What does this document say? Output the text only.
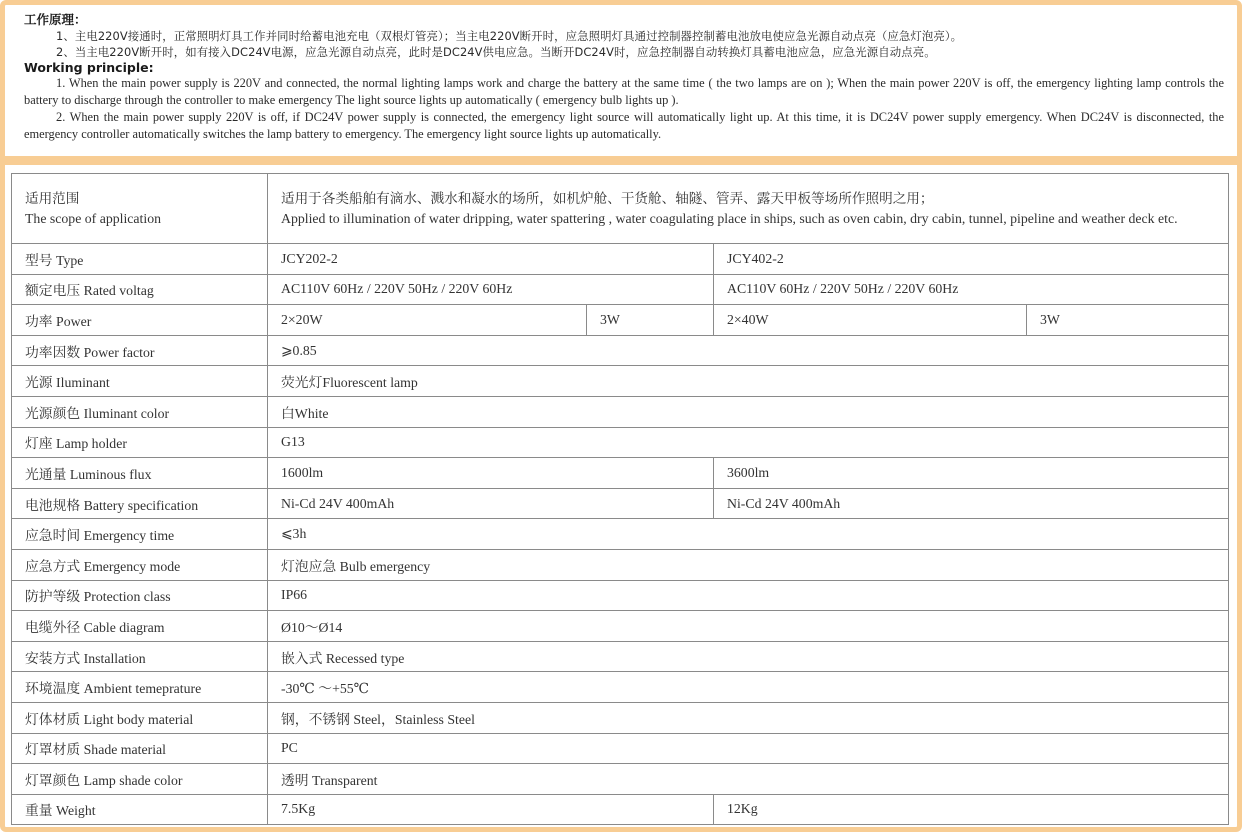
工作原理：
1、主电220V接通时，正常照明灯具工作并同时给蓄电池充电（双根灯管亮）；当主电220V断开时，应急照明灯具通过控制器控制蓄电池放电使应急光源自动点亮（应急灯泡亮）。
2、当主电220V断开时，如有接入DC24V电源，应急光源自动点亮，此时是DC24V供电应急。当断开DC24V时，应急控制器自动转换灯具蓄电池应急，应急光源自动点亮。
Working principle:

1. When the main power supply is 220V and connected, the normal lighting lamps work and charge the battery at the same time ( the two lamps are on ); When the main power 220V is off, the emergency lighting lamp controls the battery to discharge through the controller to make emergency The light source lights up automatically ( emergency bulb lights up ).

2. When the main power supply 220V is off, if DC24V power supply is connected, the emergency light source will automatically light up. At this time, it is DC24V power supply emergency. When DC24V is disconnected, the emergency controller automatically switches the lamp battery to emergency. The emergency light source lights up automatically.

适用范围
The scope of application	适用于各类船舶有滴水、溅水和凝水的场所，如机炉舱、干货舱、轴隧、管弄、露天甲板等场所作照明之用；
Applied to illumination of water dripping, water spattering , water coagulating place in ships, such as oven cabin, dry cabin, tunnel, pipeline and weather deck etc.			

型号 Type	JCY202-2		JCY402-2	
额定电压 Rated voltag	AC110V 60Hz / 220V 50Hz / 220V 60Hz		AC110V 60Hz / 220V 50Hz / 220V 60Hz	
功率 Power	2×20W	3W	2×40W	3W
功率因数 Power factor	⩾0.85			
光源 Iluminant	荧光灯Fluorescent lamp			
光源颜色 Iluminant color	白White			
灯座 Lamp holder	G13			
光通量 Luminous flux	1600lm		3600lm	
电池规格 Battery specification	Ni-Cd 24V 400mAh		Ni-Cd 24V 400mAh	
应急时间 Emergency time	⩽3h			
应急方式 Emergency mode	灯泡应急 Bulb emergency			
防护等级 Protection class	IP66			
电缆外径 Cable diagram	Ø10～Ø14			
安装方式 Installation	嵌入式 Recessed type			
环境温度 Ambient temeprature	-30℃ ～+55℃			
灯体材质 Light body material	钢，不锈钢 Steel，Stainless Steel			
灯罩材质 Shade material	PC			
灯罩颜色 Lamp shade color	透明 Transparent			
重量 Weight	7.5Kg		12Kg	
